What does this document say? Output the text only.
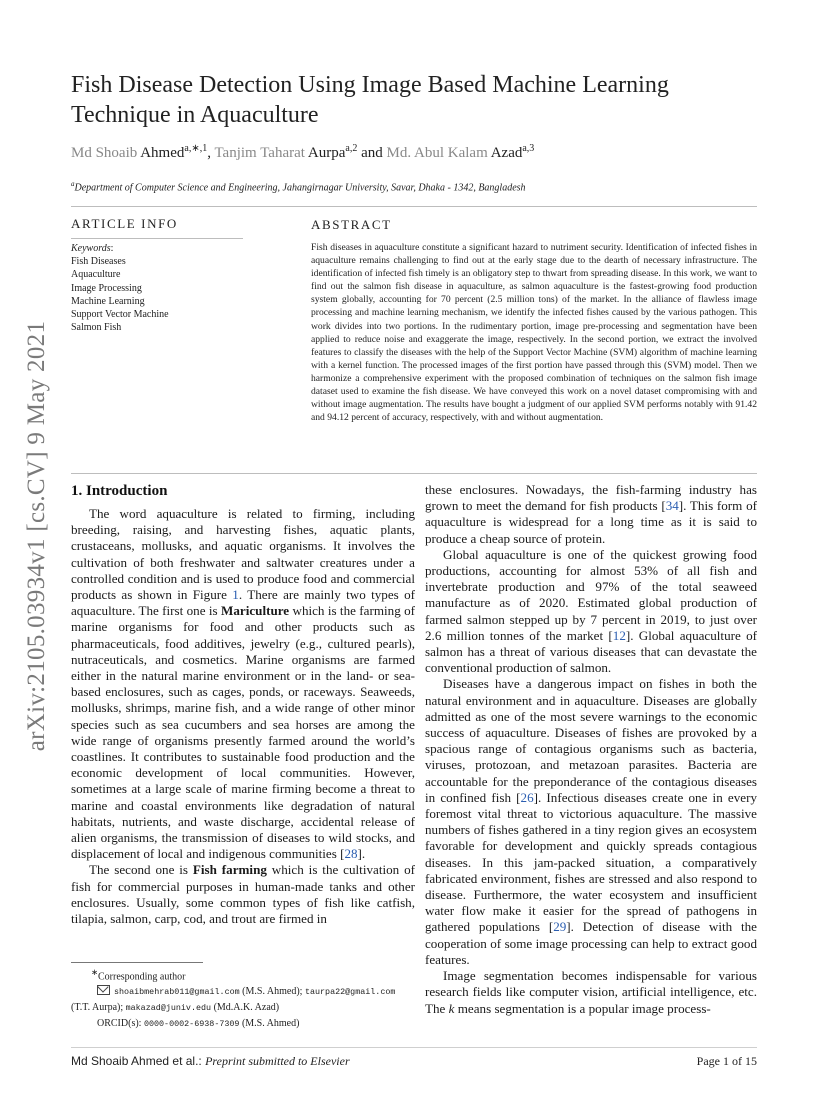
arXiv:2105.03934v1 [cs.CV] 9 May 2021
Fish Disease Detection Using Image Based Machine Learning Technique in Aquaculture
Md Shoaib Ahmed$^{a,∗,1}$, Tanjim Taharat Aurpa$^{a,2}$ and Md. Abul Kalam Azad$^{a,3}$
$^a$Department of Computer Science and Engineering, Jahangirnagar University, Savar, Dhaka - 1342, Bangladesh
ARTICLE INFO
Keywords:
Fish Diseases
Aquaculture
Image Processing
Machine Learning
Support Vector Machine
Salmon Fish
ABSTRACT
Fish diseases in aquaculture constitute a significant hazard to nutriment security. Identification of infected fishes in aquaculture remains challenging to find out at the early stage due to the dearth of necessary infrastructure. The identification of infected fish timely is an obligatory step to thwart from spreading disease. In this work, we want to find out the salmon fish disease in aquaculture, as salmon aquaculture is the fastest-growing food production system globally, accounting for 70 percent (2.5 million tons) of the market. In the alliance of flawless image processing and machine learning mechanism, we identify the infected fishes caused by the various pathogen. This work divides into two portions. In the rudimentary portion, image pre-processing and segmentation have been applied to reduce noise and exaggerate the image, respectively. In the second portion, we extract the involved features to classify the diseases with the help of the Support Vector Machine (SVM) algorithm of machine learning with a kernel function. The processed images of the first portion have passed through this (SVM) model. Then we harmonize a comprehensive experiment with the proposed combination of techniques on the salmon fish image dataset used to examine the fish disease. We have conveyed this work on a novel dataset compromising with and without image augmentation. The results have bought a judgment of our applied SVM performs notably with 91.42 and 94.12 percent of accuracy, respectively, with and without augmentation.
1. Introduction

The word aquaculture is related to firming, including breeding, raising, and harvesting fishes, aquatic plants, crustaceans, mollusks, and aquatic organisms. It involves the cultivation of both freshwater and saltwater creatures under a controlled condition and is used to produce food and commercial products as shown in Figure 1. There are mainly two types of aquaculture. The first one is Mariculture which is the farming of marine organisms for food and other products such as pharmaceuticals, food additives, jewelry (e.g., cultured pearls), nutraceuticals, and cosmetics. Marine organisms are farmed either in the natural marine environment or in the land- or sea-based enclosures, such as cages, ponds, or raceways. Seaweeds, mollusks, shrimps, marine fish, and a wide range of other minor species such as sea cucumbers and sea horses are among the wide range of organisms presently farmed around the world’s coastlines. It contributes to sustainable food production and the economic development of local communities. However, sometimes at a large scale of marine firming become a threat to marine and coastal environments like degradation of natural habitats, nutrients, and waste discharge, accidental release of alien organisms, the transmission of diseases to wild stocks, and displacement of local and indigenous communities [28].

The second one is Fish farming which is the cultivation of fish for commercial purposes in human-made tanks and other enclosures. Usually, some common types of fish like catfish, tilapia, salmon, carp, cod, and trout are firmed in

these enclosures. Nowadays, the fish-farming industry has grown to meet the demand for fish products [34]. This form of aquaculture is widespread for a long time as it is said to produce a cheap source of protein.

Global aquaculture is one of the quickest growing food productions, accounting for almost 53% of all fish and invertebrate production and 97% of the total seaweed manufacture as of 2020. Estimated global production of farmed salmon stepped up by 7 percent in 2019, to just over 2.6 million tonnes of the market [12]. Global aquaculture of salmon has a threat of various diseases that can devastate the conventional production of salmon.

Diseases have a dangerous impact on fishes in both the natural environment and in aquaculture. Diseases are globally admitted as one of the most severe warnings to the economic success of aquaculture. Diseases of fishes are provoked by a spacious range of contagious organisms such as bacteria, viruses, protozoan, and metazoan parasites. Bacteria are accountable for the preponderance of the contagious diseases in confined fish [26]. Infectious diseases create one in every foremost vital threat to victorious aquaculture. The massive numbers of fishes gathered in a tiny region gives an ecosystem favorable for development and quickly spreads contagious diseases. In this jam-packed situation, a comparatively fabricated environment, fishes are stressed and also respond to disease. Furthermore, the water ecosystem and insufficient water flow make it easier for the spread of pathogens in gathered populations [29]. Detection of disease with the cooperation of some image processing can help to extract good features.

Image segmentation becomes indispensable for various research fields like computer vision, artificial intelligence, etc. The k means segmentation is a popular image process-

∗Corresponding author
shoaibmehrab011@gmail.com (M.S. Ahmed); taurpa22@gmail.com
(T.T. Aurpa); makazad@juniv.edu (Md.A.K. Azad)
ORCID(s): 0000-0002-6938-7309 (M.S. Ahmed)
Md Shoaib Ahmed et al.: Preprint submitted to Elsevier	Page 1 of 15
